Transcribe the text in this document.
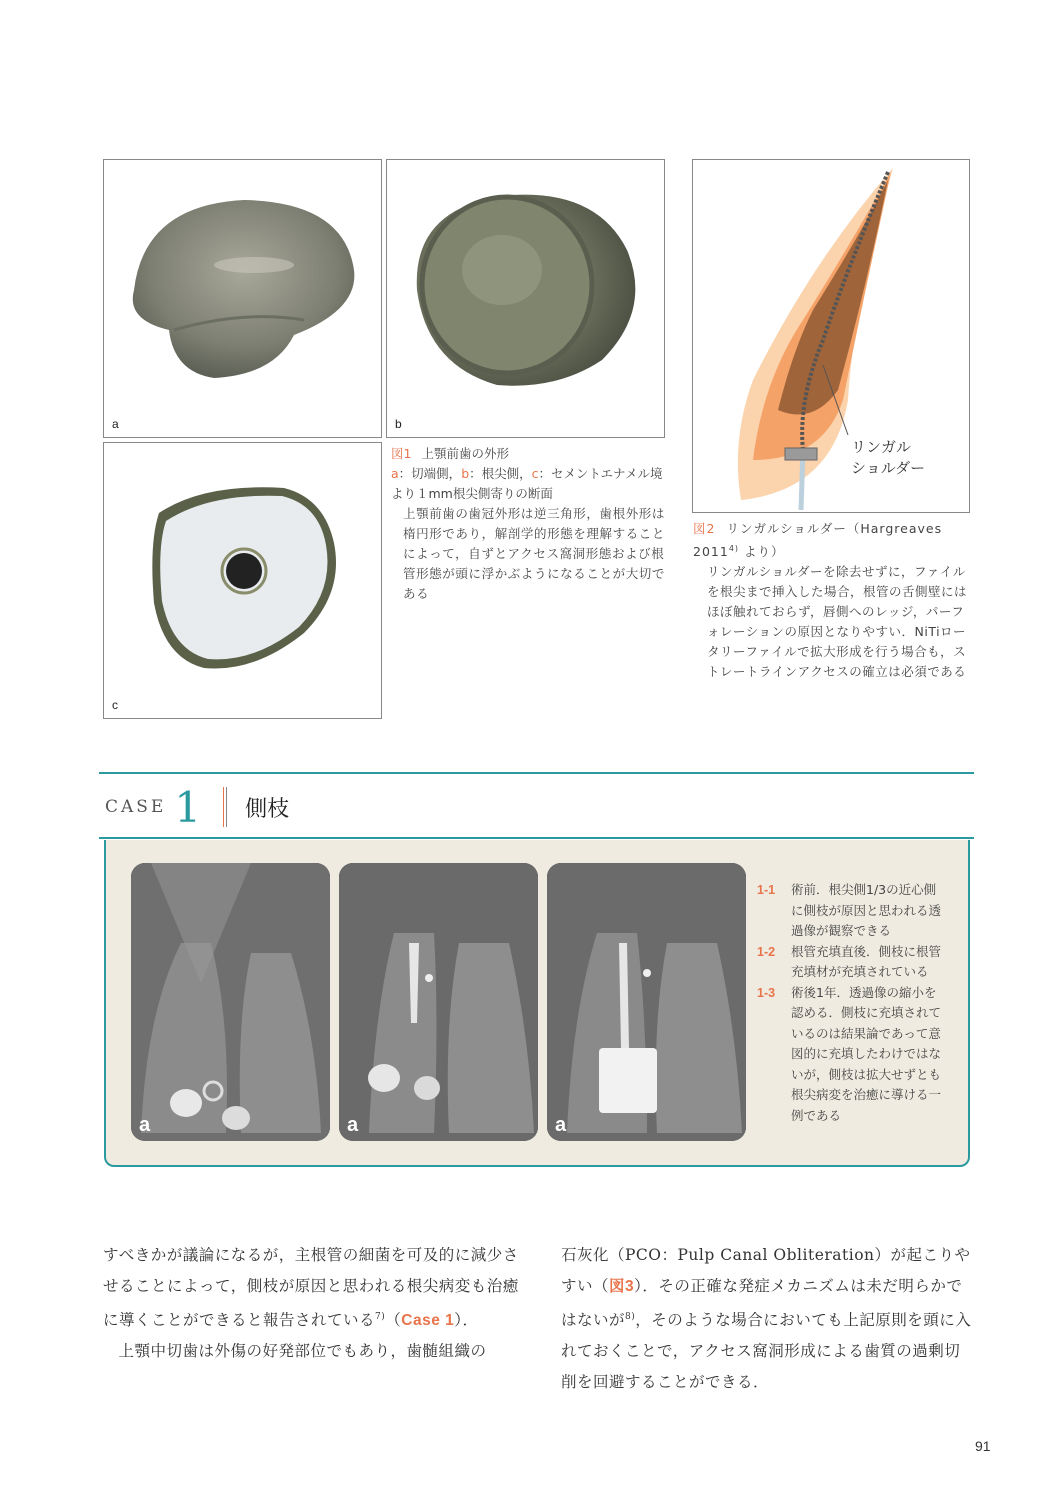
a	b
c
図1 上顎前歯の外形
a：切端側，b：根尖側，c：セメントエナメル境より１mm根尖側寄りの断面
上顎前歯の歯冠外形は逆三角形，歯根外形は楕円形であり，解剖学的形態を理解することによって，自ずとアクセス窩洞形態および根管形態が頭に浮かぶようになることが大切である
リンガル
ショルダー
図2 リンガルショルダー（Hargreaves 2011$^{4)}$ より）
リンガルショルダーを除去せずに，ファイルを根尖まで挿入した場合，根管の舌側壁にはほぼ触れておらず，唇側へのレッジ，パーフォレーションの原因となりやすい．NiTiロータリーファイルで拡大形成を行う場合も，ストレートラインアクセスの確立は必須である
CASE 1 側枝
a	a	a
1-1	術前．根尖側1/3の近心側に側枝が原因と思われる透過像が観察できる
1-2	根管充填直後．側枝に根管充填材が充填されている
1-3	術後1年．透過像の縮小を認める．側枝に充填されているのは結果論であって意図的に充填したわけではないが，側枝は拡大せずとも根尖病変を治癒に導ける一例である

すべきかが議論になるが，主根管の細菌を可及的に減少させることによって，側枝が原因と思われる根尖病変も治癒に導くことができると報告されている$^{7)}$（Case 1）．

上顎中切歯は外傷の好発部位でもあり，歯髄組織の

石灰化（PCO：Pulp Canal Obliteration）が起こりやすい（図3）．その正確な発症メカニズムは未だ明らかではないが$^{8)}$，そのような場合においても上記原則を頭に入れておくことで，アクセス窩洞形成による歯質の過剰切削を回避することができる．

91
